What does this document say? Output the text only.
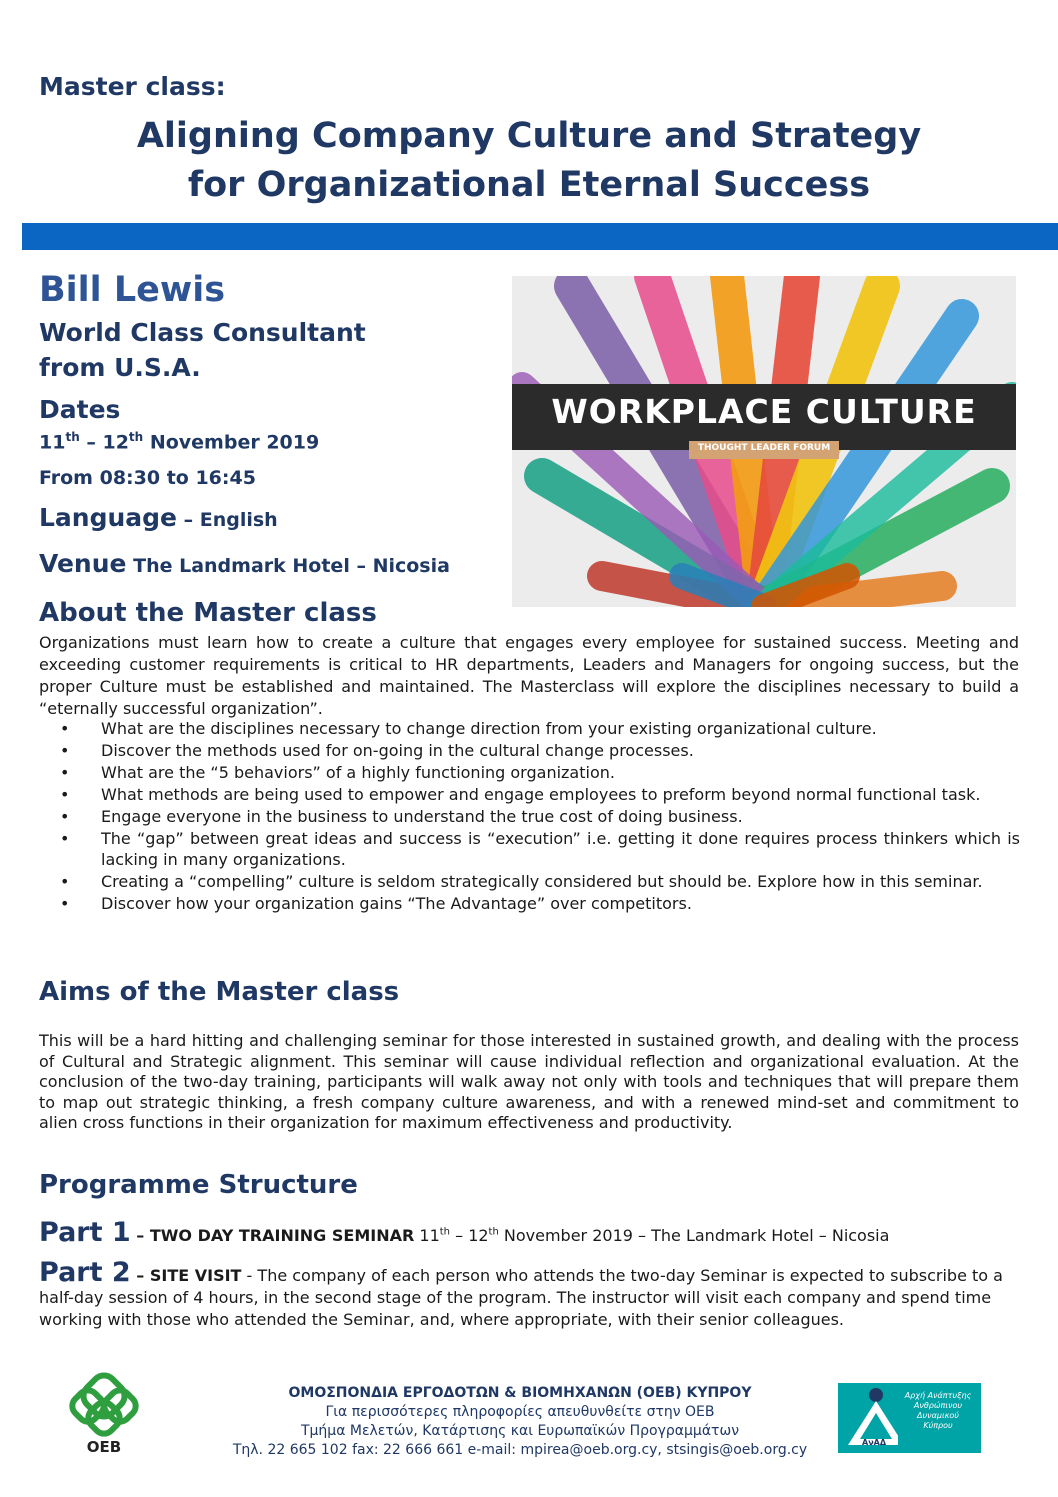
Master class:
Aligning Company Culture and Strategy
for Organizational Eternal Success
Bill Lewis
World Class Consultant
from U.S.A.
Dates
11th – 12th November 2019
From 08:30 to 16:45
Language – English
Venue The Landmark Hotel – Nicosia
WORKPLACE CULTURE
THOUGHT LEADER FORUM
About the Master class
Organizations must learn how to create a culture that engages every employee for sustained success. Meeting and exceeding customer requirements is critical to HR departments, Leaders and Managers for ongoing success, but the proper Culture must be established and maintained. The Masterclass will explore the disciplines necessary to build a “eternally successful organization”.
• What are the disciplines necessary to change direction from your existing organizational culture.
• Discover the methods used for on-going in the cultural change processes.
• What are the “5 behaviors” of a highly functioning organization.
• What methods are being used to empower and engage employees to preform beyond normal functional task.
• Engage everyone in the business to understand the true cost of doing business.
• The “gap” between great ideas and success is “execution” i.e. getting it done requires process thinkers which is lacking in many organizations.
• Creating a “compelling” culture is seldom strategically considered but should be. Explore how in this seminar.
• Discover how your organization gains “The Advantage” over competitors.
Aims of the Master class
This will be a hard hitting and challenging seminar for those interested in sustained growth, and dealing with the process of Cultural and Strategic alignment. This seminar will cause individual reflection and organizational evaluation. At the conclusion of the two-day training, participants will walk away not only with tools and techniques that will prepare them to map out strategic thinking, a fresh company culture awareness, and with a renewed mind-set and commitment to alien cross functions in their organization for maximum effectiveness and productivity.
Programme Structure
Part 1 – TWO DAY TRAINING SEMINAR 11th – 12th November 2019 – The Landmark Hotel – Nicosia
Part 2 – SITE VISIT - The company of each person who attends the two-day Seminar is expected to subscribe to a half-day session of 4 hours, in the second stage of the program. The instructor will visit each company and spend time working with those who attended the Seminar, and, where appropriate, with their senior colleagues.
OEB
ΟΜΟΣΠΟΝΔΙΑ ΕΡΓΟΔΟΤΩΝ & ΒΙΟΜΗΧΑΝΩΝ (ΟΕΒ) ΚΥΠΡΟΥ
Για περισσότερες πληροφορίες απευθυνθείτε στην ΟΕΒ
Τμήμα Μελετών, Κατάρτισης και Ευρωπαϊκών Προγραμμάτων
Τηλ. 22 665 102 fax: 22 666 661 e-mail: mpirea@oeb.org.cy, stsingis@oeb.org.cy
Αρχή Ανάπτυξης
Ανθρώπινου
Δυναμικού
Κύπρου
ΑνΑΔ
